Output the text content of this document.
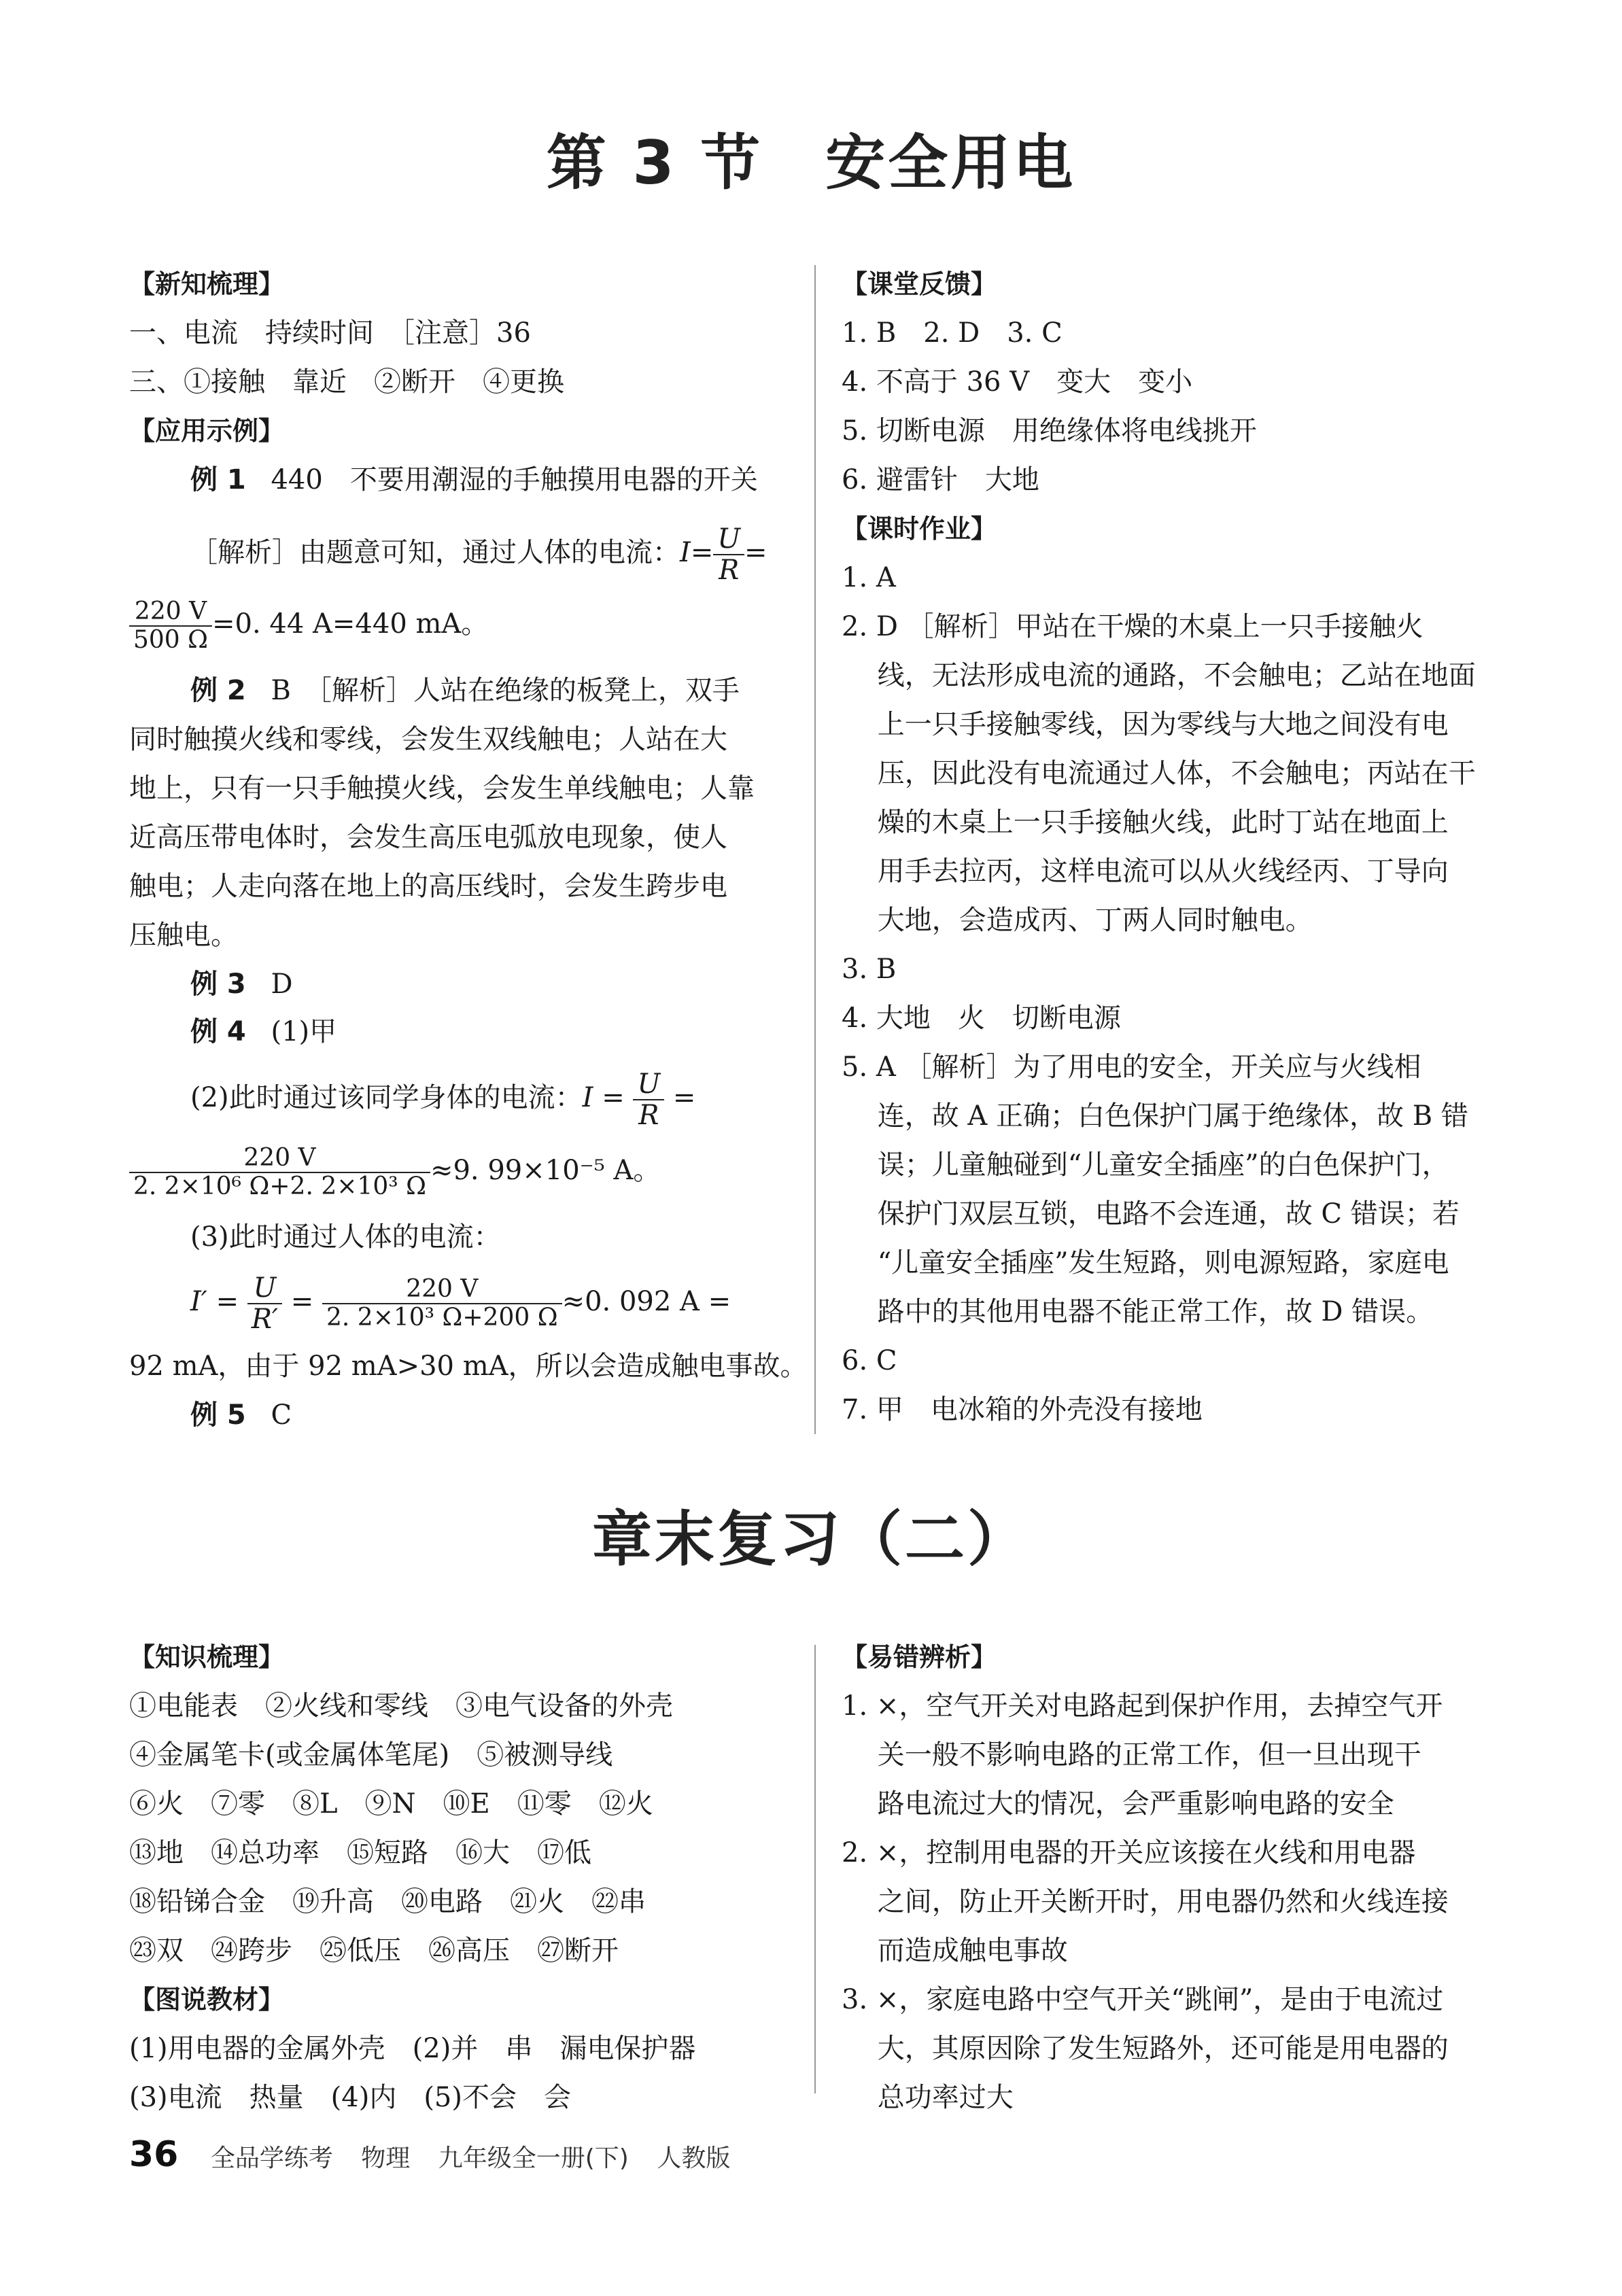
第 3 节　安全用电
章末复习（二）
【新知梳理】
一、电流　持续时间　［注意］36
三、①接触　靠近　②断开　④更换
【应用示例】
例 1 440　不要用潮湿的手触摸用电器的开关
［解析］由题意可知，通过人体的电流：$I= \frac{U}{R}$ =
$\frac{220 V}{500 \Omega} =0$. 44 A=440 mA。
例 2 B　［解析］人站在绝缘的板凳上，双手
同时触摸火线和零线，会发生双线触电；人站在大
地上，只有一只手触摸火线，会发生单线触电；人靠
近高压带电体时，会发生高压电弧放电现象，使人
触电；人走向落在地上的高压线时，会发生跨步电
压触电。
例 3 D
例 4 (1)甲
(2)此时通过该同学身体的电流：$I = \frac{U}{R}$ =
$\frac{220 V}{\text{2. 2×10⁶ Ω+2. 2×10³ Ω}} \approx 9$. 99×10⁻⁵ A。
(3)此时通过人体的电流：
$I' = \frac{U}{R'} = \frac{220 V}{\text{2. 2×10³ Ω+200 Ω}} \approx 0$. 092 A =
92 mA，由于 92 mA>30 mA，所以会造成触电事故。
例 5 C
【课堂反馈】
1. B　2. D　3. C
4. 不高于 36 V　变大　变小
5. 切断电源　用绝缘体将电线挑开
6. 避雷针　大地
【课时作业】
1. A
2. D ［解析］甲站在干燥的木桌上一只手接触火
　 线，无法形成电流的通路，不会触电；乙站在地面
　 上一只手接触零线，因为零线与大地之间没有电
　 压，因此没有电流通过人体，不会触电；丙站在干
　 燥的木桌上一只手接触火线，此时丁站在地面上
　 用手去拉丙，这样电流可以从火线经丙、丁导向
　 大地，会造成丙、丁两人同时触电。
3. B
4. 大地　火　切断电源
5. A ［解析］为了用电的安全，开关应与火线相
　 连，故 A 正确；白色保护门属于绝缘体，故 B 错
　 误；儿童触碰到“儿童安全插座”的白色保护门，
　 保护门双层互锁，电路不会连通，故 C 错误；若
　 “儿童安全插座”发生短路，则电源短路，家庭电
　 路中的其他用电器不能正常工作，故 D 错误。
6. C
7. 甲　电冰箱的外壳没有接地
【知识梳理】
①电能表　②火线和零线　③电气设备的外壳
④金属笔卡(或金属体笔尾)　⑤被测导线
⑥火　⑦零　⑧L　⑨N　⑩E　⑪零　⑫火
⑬地　⑭总功率　⑮短路　⑯大　⑰低
⑱铅锑合金　⑲升高　⑳电路　㉑火　㉒串
㉓双　㉔跨步　㉕低压　㉖高压　㉗断开
【图说教材】
(1)用电器的金属外壳　(2)并　串　漏电保护器
(3)电流　热量　(4)内　(5)不会　会
【易错辨析】
1. ×，空气开关对电路起到保护作用，去掉空气开
　 关一般不影响电路的正常工作，但一旦出现干
　 路电流过大的情况，会严重影响电路的安全
2. ×，控制用电器的开关应该接在火线和用电器
　 之间，防止开关断开时，用电器仍然和火线连接
　 而造成触电事故
3. ×，家庭电路中空气开关“跳闸”，是由于电流过
　 大，其原因除了发生短路外，还可能是用电器的
　 总功率过大
36 全品学练考 物理 九年级全一册(下) 人教版
